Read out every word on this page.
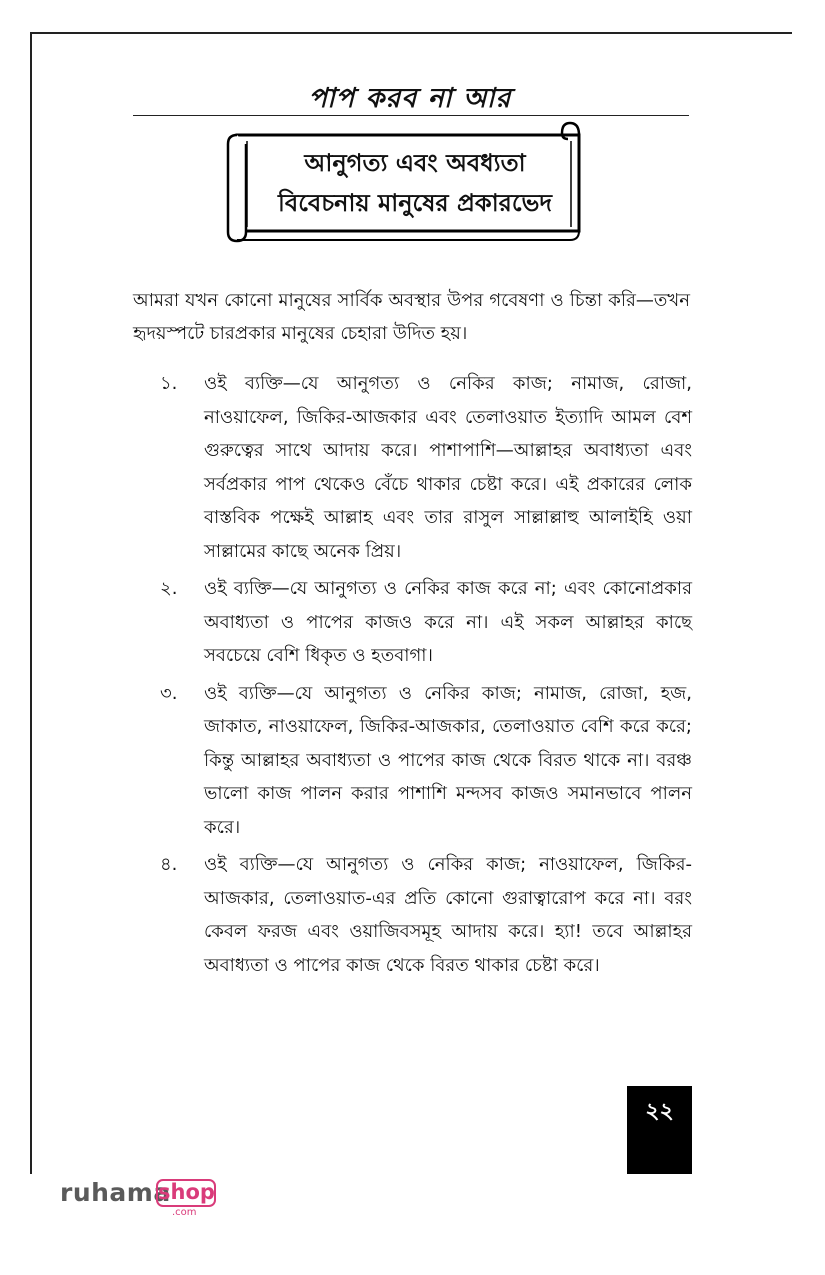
পাপ করব না আর
আনুগত্য এবং অবধ্যতা
বিবেচনায় মানুষের প্রকারভেদ

আমরা যখন কোনো মানুষের সার্বিক অবস্থার উপর গবেষণা ও চিন্তা করি—তখন হৃদয়স্পটে চারপ্রকার মানুষের চেহারা উদিত হয়।

১.	ওই ব্যক্তি—যে আনুগত্য ও নেকির কাজ; নামাজ, রোজা, নাওয়াফেল, জিকির-আজকার এবং তেলাওয়াত ইত্যাদি আমল বেশ গুরুত্বের সাথে আদায় করে। পাশাপাশি—আল্লাহর অবাধ্যতা এবং সর্বপ্রকার পাপ থেকেও বেঁচে থাকার চেষ্টা করে। এই প্রকারের লোক বাস্তবিক পক্ষেই আল্লাহ এবং তার রাসুল সাল্লাল্লাহু আলাইহি ওয়া সাল্লামের কাছে অনেক প্রিয়।
২.	ওই ব্যক্তি—যে আনুগত্য ও নেকির কাজ করে না; এবং কোনোপ্রকার অবাধ্যতা ও পাপের কাজও করে না। এই সকল আল্লাহর কাছে সবচেয়ে বেশি ধিকৃত ও হতবাগা।
৩.	ওই ব্যক্তি—যে আনুগত্য ও নেকির কাজ; নামাজ, রোজা, হজ, জাকাত, নাওয়াফেল, জিকির-আজকার, তেলাওয়াত বেশি করে করে; কিন্তু আল্লাহর অবাধ্যতা ও পাপের কাজ থেকে বিরত থাকে না। বরঞ্চ ভালো কাজ পালন করার পাশাশি মন্দসব কাজও সমানভাবে পালন করে।
৪.	ওই ব্যক্তি—যে আনুগত্য ও নেকির কাজ; নাওয়াফেল, জিকির-আজকার, তেলাওয়াত-এর প্রতি কোনো গুরাত্বারোপ করে না। বরং কেবল ফরজ এবং ওয়াজিবসমূহ আদায় করে। হ্যা! তবে আল্লাহর অবাধ্যতা ও পাপের কাজ থেকে বিরত থাকার চেষ্টা করে।
২২
ruhama
shop
.com
